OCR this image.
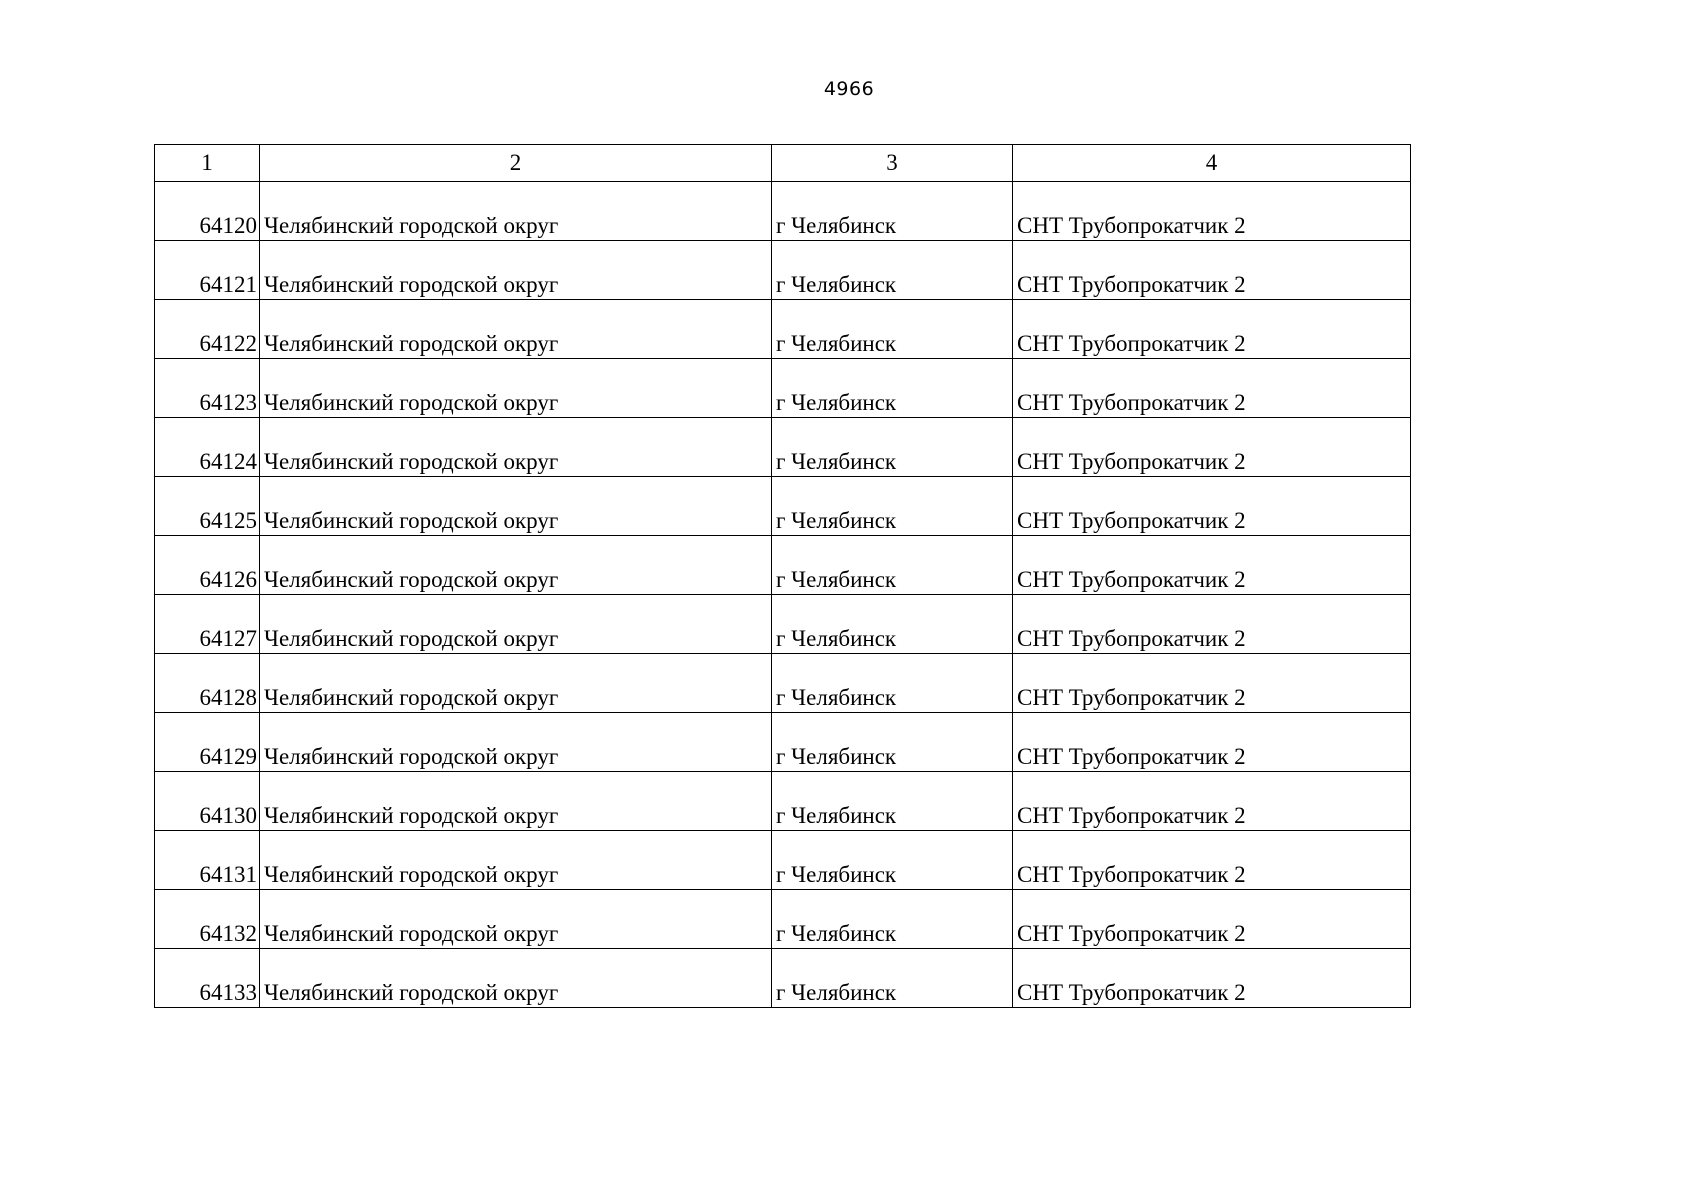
4966
1	2	3	4
64120	Челябинский городской округ	г Челябинск	СНТ Трубопрокатчик 2
64121	Челябинский городской округ	г Челябинск	СНТ Трубопрокатчик 2
64122	Челябинский городской округ	г Челябинск	СНТ Трубопрокатчик 2
64123	Челябинский городской округ	г Челябинск	СНТ Трубопрокатчик 2
64124	Челябинский городской округ	г Челябинск	СНТ Трубопрокатчик 2
64125	Челябинский городской округ	г Челябинск	СНТ Трубопрокатчик 2
64126	Челябинский городской округ	г Челябинск	СНТ Трубопрокатчик 2
64127	Челябинский городской округ	г Челябинск	СНТ Трубопрокатчик 2
64128	Челябинский городской округ	г Челябинск	СНТ Трубопрокатчик 2
64129	Челябинский городской округ	г Челябинск	СНТ Трубопрокатчик 2
64130	Челябинский городской округ	г Челябинск	СНТ Трубопрокатчик 2
64131	Челябинский городской округ	г Челябинск	СНТ Трубопрокатчик 2
64132	Челябинский городской округ	г Челябинск	СНТ Трубопрокатчик 2
64133	Челябинский городской округ	г Челябинск	СНТ Трубопрокатчик 2
